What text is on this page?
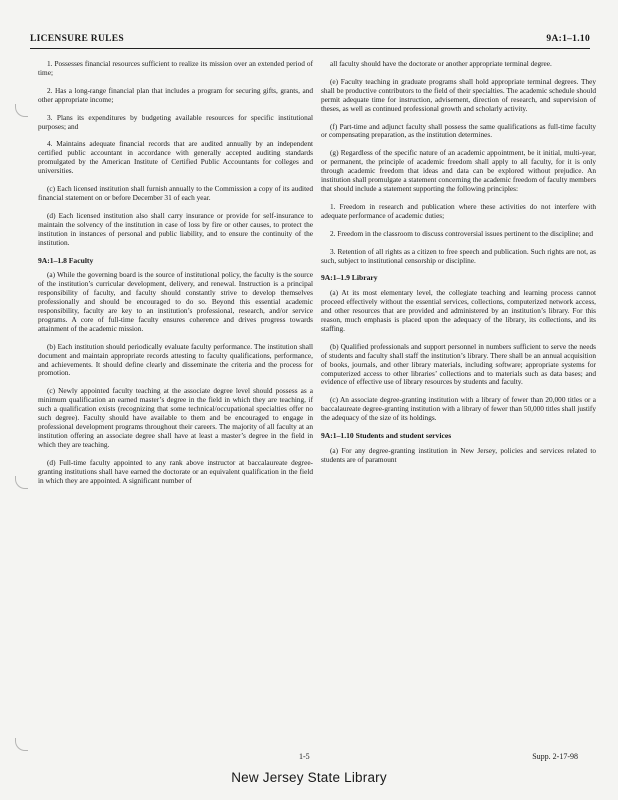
LICENSURE RULES	9A:1–1.10
1. Possesses financial resources sufficient to realize its mission over an extended period of time;
2. Has a long-range financial plan that includes a program for securing gifts, grants, and other appropriate income;
3. Plans its expenditures by budgeting available resources for specific institutional purposes; and
4. Maintains adequate financial records that are audited annually by an independent certified public accountant in accordance with generally accepted auditing standards promulgated by the American Institute of Certified Public Accountants for colleges and universities.
(c) Each licensed institution shall furnish annually to the Commission a copy of its audited financial statement on or before December 31 of each year.
(d) Each licensed institution also shall carry insurance or provide for self-insurance to maintain the solvency of the institution in case of loss by fire or other causes, to protect the institution in instances of personal and public liability, and to ensure the continuity of the institution.
9A:1–1.8 Faculty
(a) While the governing board is the source of institutional policy, the faculty is the source of the institution’s curricular development, delivery, and renewal. Instruction is a principal responsibility of faculty, and faculty should constantly strive to develop themselves professionally and should be encouraged to do so. Beyond this essential academic responsibility, faculty are key to an institution’s professional, research, and/or service programs. A core of full-time faculty ensures coherence and drives progress towards attainment of the academic mission.
(b) Each institution should periodically evaluate faculty performance. The institution shall document and maintain appropriate records attesting to faculty qualifications, performance, and achievements. It should define clearly and disseminate the criteria and the process for promotion.
(c) Newly appointed faculty teaching at the associate degree level should possess as a minimum qualification an earned master’s degree in the field in which they are teaching, if such a qualification exists (recognizing that some technical/occupational specialties offer no such degree). Faculty should have available to them and be encouraged to engage in professional development programs throughout their careers. The majority of all faculty at an institution offering an associate degree shall have at least a master’s degree in the field in which they are teaching.
(d) Full-time faculty appointed to any rank above instructor at baccalaureate degree-granting institutions shall have earned the doctorate or an equivalent qualification in the field in which they are appointed. A significant number of
all faculty should have the doctorate or another appropriate terminal degree.
(e) Faculty teaching in graduate programs shall hold appropriate terminal degrees. They shall be productive contributors to the field of their specialties. The academic schedule should permit adequate time for instruction, advisement, direction of research, and supervision of theses, as well as continued professional growth and scholarly activity.
(f) Part-time and adjunct faculty shall possess the same qualifications as full-time faculty or compensating preparation, as the institution determines.
(g) Regardless of the specific nature of an academic appointment, be it initial, multi-year, or permanent, the principle of academic freedom shall apply to all faculty, for it is only through academic freedom that ideas and data can be explored without prejudice. An institution shall promulgate a statement concerning the academic freedom of faculty members that should include a statement supporting the following principles:
1. Freedom in research and publication where these activities do not interfere with adequate performance of academic duties;
2. Freedom in the classroom to discuss controversial issues pertinent to the discipline; and
3. Retention of all rights as a citizen to free speech and publication. Such rights are not, as such, subject to institutional censorship or discipline.
9A:1–1.9 Library
(a) At its most elementary level, the collegiate teaching and learning process cannot proceed effectively without the essential services, collections, computerized network access, and other resources that are provided and administered by an institution’s library. For this reason, much emphasis is placed upon the adequacy of the library, its collections, and its staffing.
(b) Qualified professionals and support personnel in numbers sufficient to serve the needs of students and faculty shall staff the institution’s library. There shall be an annual acquisition of books, journals, and other library materials, including software; appropriate systems for computerized access to other libraries’ collections and to materials such as data bases; and evidence of effective use of library resources by students and faculty.
(c) An associate degree-granting institution with a library of fewer than 20,000 titles or a baccalaureate degree-granting institution with a library of fewer than 50,000 titles shall justify the adequacy of the size of its holdings.
9A:1–1.10 Students and student services
(a) For any degree-granting institution in New Jersey, policies and services related to students are of paramount
1-5	Supp. 2-17-98
New Jersey State Library
